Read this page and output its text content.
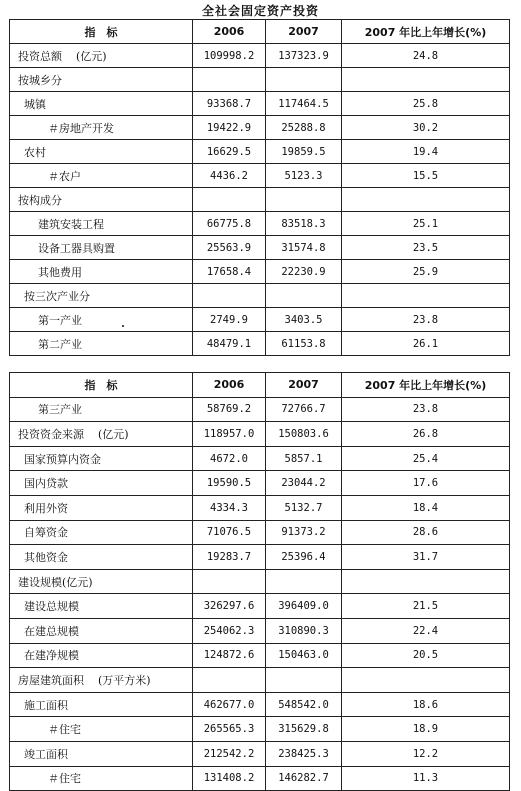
全社会固定资产投资
指　标	2006	2007	2007 年比上年增长(%)
投资总额 (亿元)	109998.2	137323.9	24.8
按城乡分			
城镇	93368.7	117464.5	25.8
＃房地产开发	19422.9	25288.8	30.2
农村	16629.5	19859.5	19.4
＃农户	4436.2	5123.3	15.5
按构成分			
建筑安装工程	66775.8	83518.3	25.1
设备工器具购置	25563.9	31574.8	23.5
其他费用	17658.4	22230.9	25.9
按三次产业分			
第一产业	2749.9	3403.5	23.8
第二产业	48479.1	61153.8	26.1
指　标	2006	2007	2007 年比上年增长(%)
第三产业	58769.2	72766.7	23.8
投资资金来源 (亿元)	118957.0	150803.6	26.8
国家预算内资金	4672.0	5857.1	25.4
国内贷款	19590.5	23044.2	17.6
利用外资	4334.3	5132.7	18.4
自筹资金	71076.5	91373.2	28.6
其他资金	19283.7	25396.4	31.7
建设规模(亿元)			
建设总规模	326297.6	396409.0	21.5
在建总规模	254062.3	310890.3	22.4
在建净规模	124872.6	150463.0	20.5
房屋建筑面积 (万平方米)			
施工面积	462677.0	548542.0	18.6
＃住宅	265565.3	315629.8	18.9
竣工面积	212542.2	238425.3	12.2
＃住宅	131408.2	146282.7	11.3
